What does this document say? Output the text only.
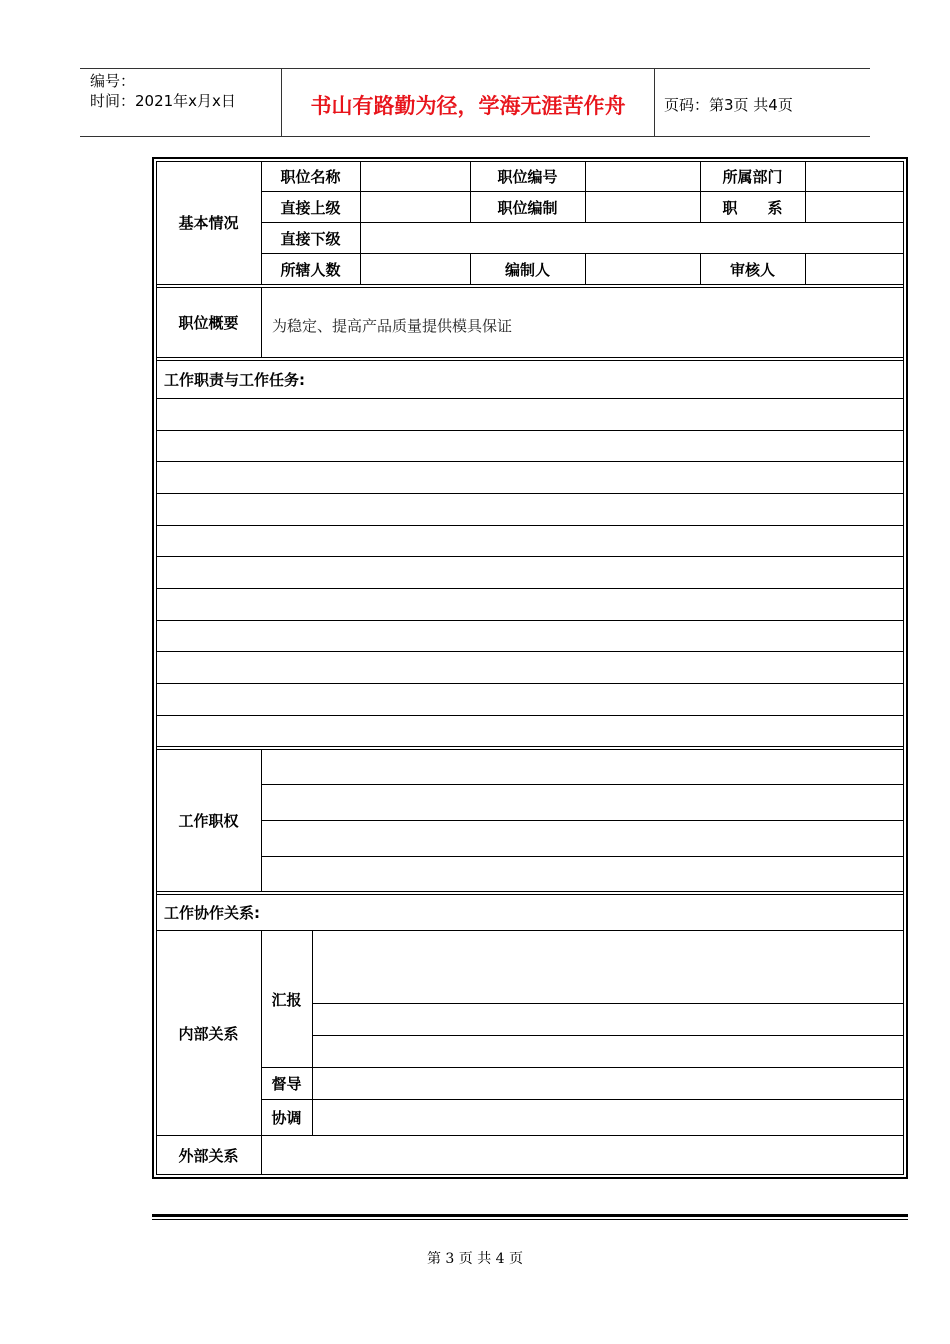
编号：
时间：2021年x月x日	书山有路勤为径，学海无涯苦作舟	页码：第3页 共4页
基本情况
职位名称	职位编号	所属部门
直接上级	职位编制	职　　系
直接下级
所辖人数	编制人	审核人
职位概要	为稳定、提高产品质量提供模具保证
工作职责与工作任务:
工作职权
工作协作关系:
内部关系
汇报
督导
协调
外部关系
第 3 页 共 4 页
